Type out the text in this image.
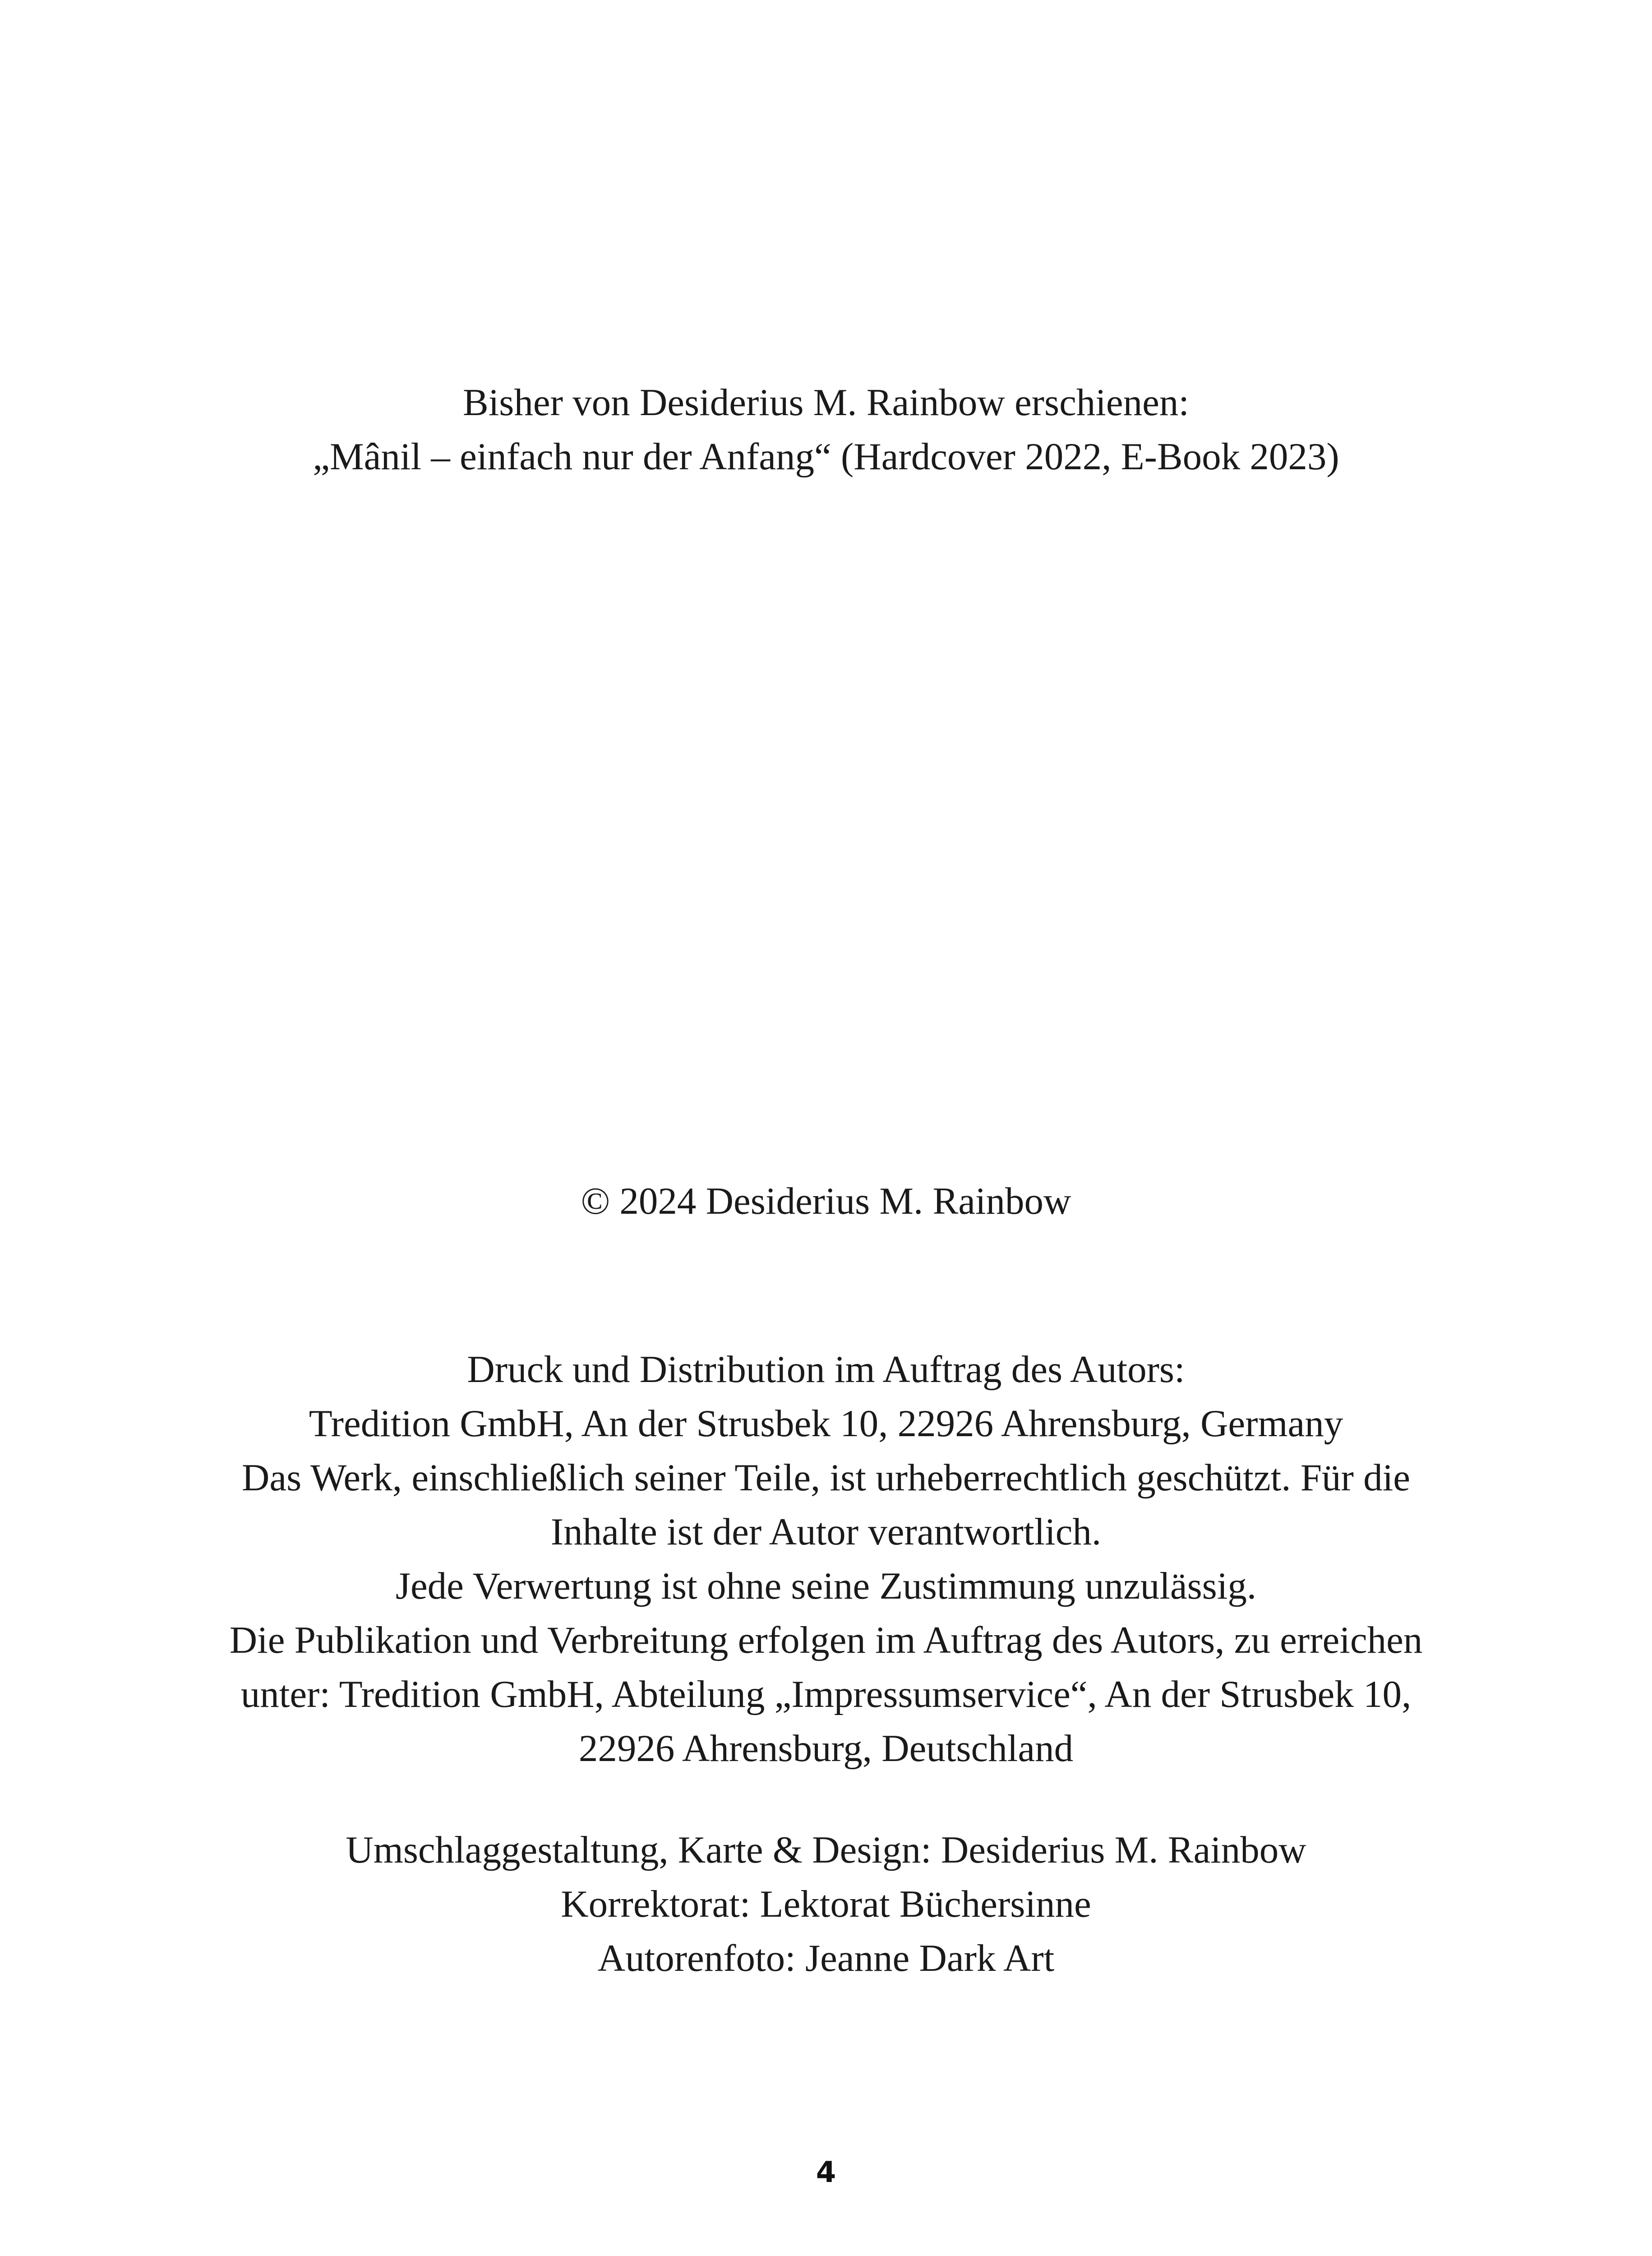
Bisher von Desiderius M. Rainbow erschienen:

„Mânil – einfach nur der Anfang“ (Hardcover 2022, E-Book 2023)

© 2024 Desiderius M. Rainbow

Druck und Distribution im Auftrag des Autors:

Tredition GmbH, An der Strusbek 10, 22926 Ahrensburg, Germany

Das Werk, einschließlich seiner Teile, ist urheberrechtlich geschützt. Für die

Inhalte ist der Autor verantwortlich.

Jede Verwertung ist ohne seine Zustimmung unzulässig.

Die Publikation und Verbreitung erfolgen im Auftrag des Autors, zu erreichen

unter: Tredition GmbH, Abteilung „Impressumservice“, An der Strusbek 10,

22926 Ahrensburg, Deutschland

Umschlaggestaltung, Karte & Design: Desiderius M. Rainbow

Korrektorat: Lektorat Büchersinne

Autorenfoto: Jeanne Dark Art

4
